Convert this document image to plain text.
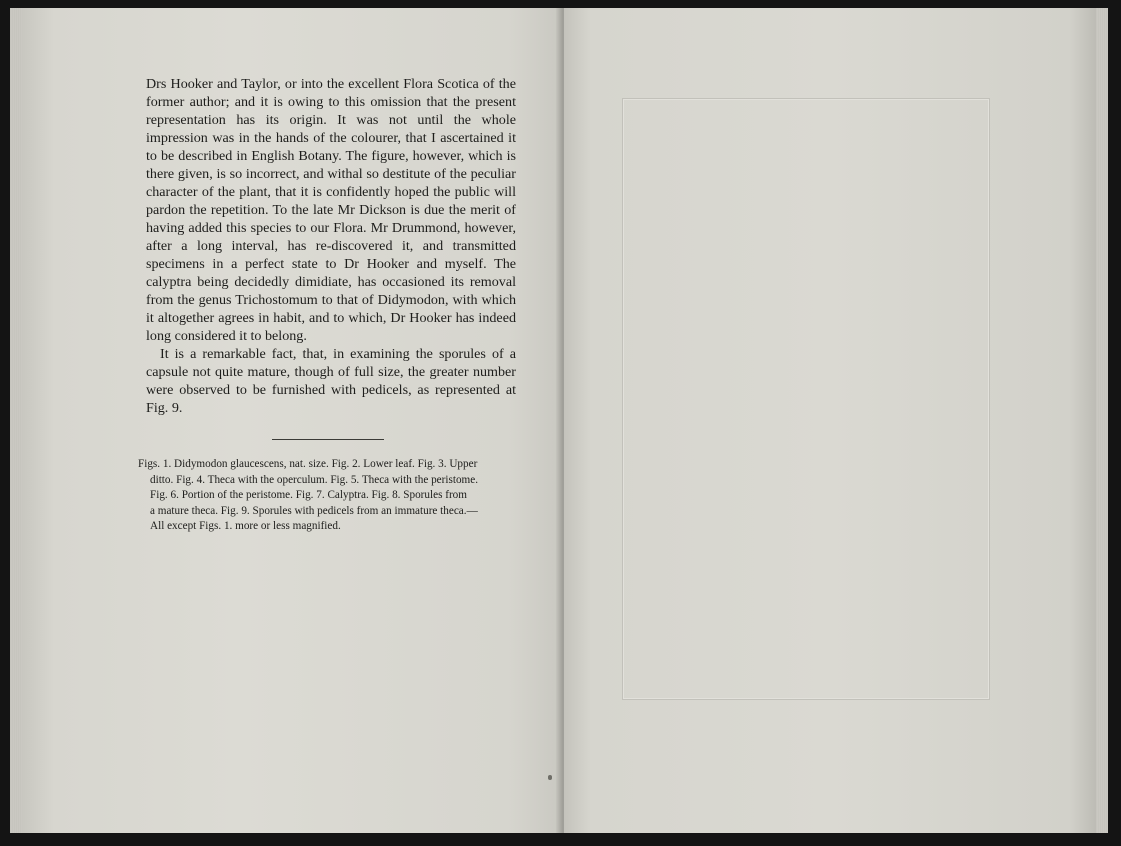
Drs Hooker and Taylor, or into the excellent Flora Scotica of the former author; and it is owing to this omission that the present representation has its origin. It was not until the whole impression was in the hands of the colourer, that I ascertained it to be described in English Botany. The figure, however, which is there given, is so incorrect, and withal so destitute of the peculiar character of the plant, that it is confidently hoped the public will pardon the repetition. To the late Mr Dickson is due the merit of having added this species to our Flora. Mr Drummond, however, after a long interval, has re-discovered it, and transmitted specimens in a perfect state to Dr Hooker and myself. The calyptra being decidedly dimidiate, has occasioned its removal from the genus Trichostomum to that of Didymodon, with which it altogether agrees in habit, and to which, Dr Hooker has indeed long considered it to belong.

It is a remarkable fact, that, in examining the sporules of a capsule not quite mature, though of full size, the greater number were observed to be furnished with pedicels, as represented at Fig. 9.

Figs. 1. Didymodon glaucescens, nat. size. Fig. 2. Lower leaf. Fig. 3. Upper
ditto. Fig. 4. Theca with the operculum. Fig. 5. Theca with the peristome.
Fig. 6. Portion of the peristome. Fig. 7. Calyptra. Fig. 8. Sporules from
a mature theca. Fig. 9. Sporules with pedicels from an immature theca.—
All except Figs. 1. more or less magnified.
